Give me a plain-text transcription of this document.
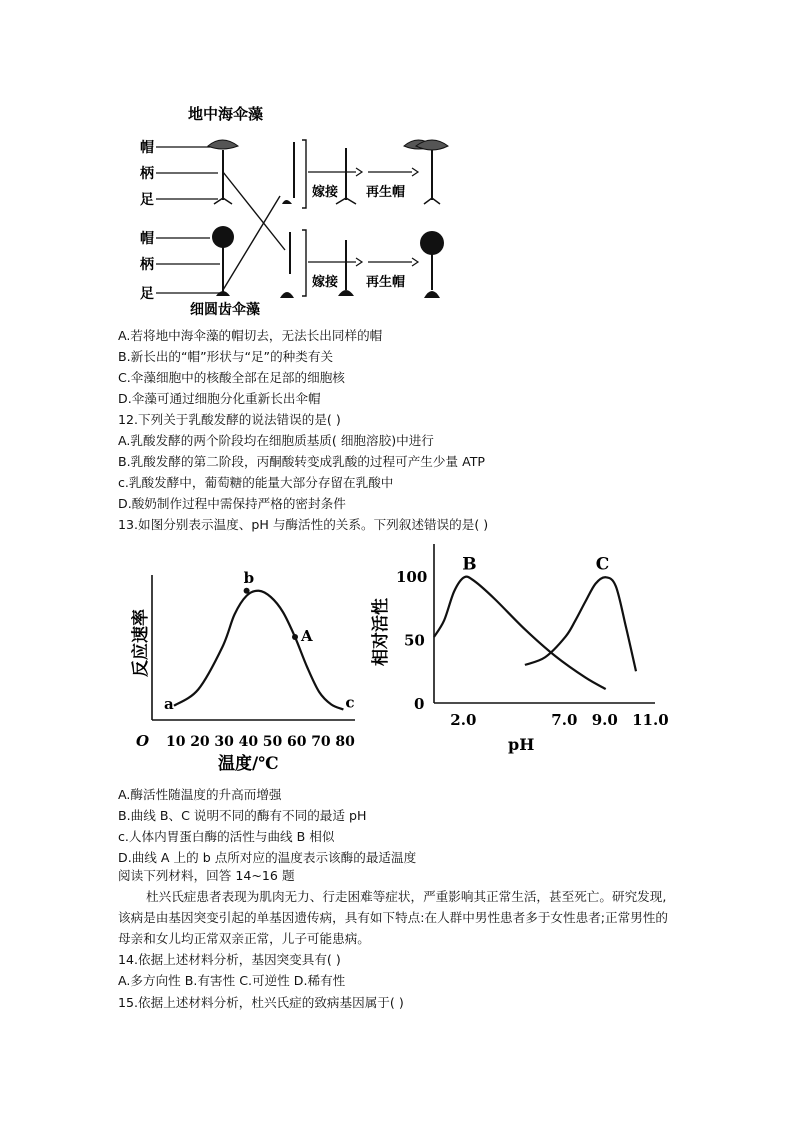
地中海伞藻
细圆齿伞藻
帽
柄
足
帽
柄
足
嫁接 再生帽
嫁接 再生帽
A.若将地中海伞藻的帽切去，无法长出同样的帽
B.新长出的“帽”形状与“足”的种类有关
C.伞藻细胞中的核酸全部在足部的细胞核
D.伞藻可通过细胞分化重新长出伞帽
12.下列关于乳酸发酵的说法错误的是( )
A.乳酸发酵的两个阶段均在细胞质基质( 细胞溶胶)中进行
B.乳酸发酵的第二阶段，丙酮酸转变成乳酸的过程可产生少量 ATP
c.乳酸发酵中，葡萄糖的能量大部分存留在乳酸中
D.酸奶制作过程中需保持严格的密封条件
13.如图分别表示温度、pH 与酶活性的关系。下列叙述错误的是( )
O 10 20 30 40 50 60 70 80
温度/℃
反应速率
a
b
c
A
0
50
100
2.0	7.0 9.0 11.0
pH
相对活性
B	C
A.酶活性随温度的升高而增强
B.曲线 B、C 说明不同的酶有不同的最适 pH
c.人体内胃蛋白酶的活性与曲线 B 相似
D.曲线 A 上的 b 点所对应的温度表示该酶的最适温度
阅读下列材料，回答 14~16 题
杜兴氏症患者表现为肌肉无力、行走困难等症状，严重影响其正常生活，甚至死亡。研究发现,该病是由基因突变引起的单基因遗传病，具有如下特点:在人群中男性患者多于女性患者;正常男性的母亲和女儿均正常双亲正常，儿子可能患病。
14.依据上述材料分析，基因突变具有( )
A.多方向性 B.有害性 C.可逆性 D.稀有性
15.依据上述材料分析，杜兴氏症的致病基因属于( )
